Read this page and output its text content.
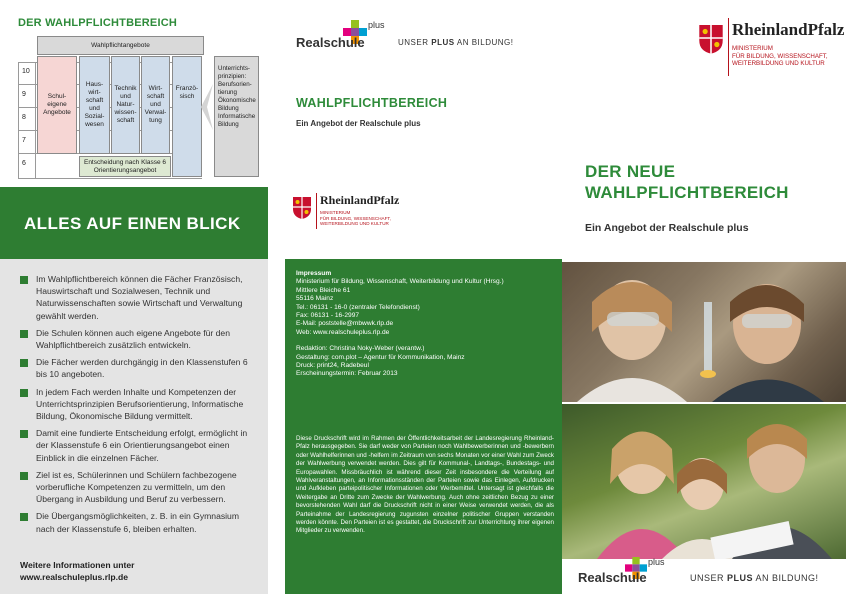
DER WAHLPFLICHTBEREICH
Wahlpflichtangebote
10
9
8
7
6
Schul-
eigene
Angebote
Haus-
wirt-
schaft
und
Sozial-
wesen
Technik
und
Natur-
wissen-
schaft
Wirt-
schaft
und
Verwal-
tung
Franzö-
sisch
Entscheidung nach Klasse 6
Orientierungsangebot
Unterrichts-
prinzipien:
Berufsorien-
tierung
Ökonomische
Bildung
Informatische
Bildung
ALLES AUF EINEN BLICK
Im Wahlpflichtbereich können die Fächer Französisch, Hauswirtschaft und Sozialwesen, Technik und Naturwissenschaften sowie Wirtschaft und Verwaltung gewählt werden.
Die Schulen können auch eigene Angebote für den Wahlpflichtbereich zusätzlich entwickeln.
Die Fächer werden durchgängig in den Klassenstufen 6 bis 10 angeboten.
In jedem Fach werden Inhalte und Kompetenzen der Unterrichtsprinzipien Berufsorientierung, Informatische Bildung, Ökonomische Bildung vermittelt.
Damit eine fundierte Entscheidung erfolgt, ermöglicht in der Klassenstufe 6 ein Orientierungsangebot einen Einblick in die einzelnen Fächer.
Ziel ist es, Schülerinnen und Schülern fachbezogene vorberufliche Kompetenzen zu vermitteln, um den Übergang in Ausbildung und Beruf zu verbessern.
Die Übergangsmöglichkeiten, z. B. in ein Gymnasium nach der Klassenstufe 6, bleiben erhalten.
Weitere Informationen unter
www.realschuleplus.rlp.de
plus
Realschule	UNSER PLUS AN BILDUNG!
WAHLPFLICHTBEREICH
Ein Angebot der Realschule plus
RheinlandPfalz
MINISTERIUM
FÜR BILDUNG, WISSENSCHAFT,
WEITERBILDUNG UND KULTUR

Impressum

Ministerium für Bildung, Wissenschaft, Weiterbildung und Kultur (Hrsg.)

Mittlere Bleiche 61

55116 Mainz

Tel.: 06131 - 16-0 (zentraler Telefondienst)

Fax: 06131 - 16-2997

E-Mail: poststelle@mbwwk.rlp.de

Web: www.realschuleplus.rlp.de

Redaktion: Christina Noky-Weber (verantw.)

Gestaltung: com.plot – Agentur für Kommunikation, Mainz

Druck: print24, Radebeul

Erscheinungstermin: Februar 2013

Diese Druckschrift wird im Rahmen der Öffentlichkeitsarbeit der Landesregierung Rheinland-Pfalz herausgegeben. Sie darf weder von Parteien noch Wahlbewerberinnen und -bewerbern oder Wahlhelferinnen und -helfern im Zeitraum von sechs Monaten vor einer Wahl zum Zweck der Wahlwerbung verwendet werden. Dies gilt für Kommunal-, Landtags-, Bundestags- und Europawahlen. Missbräuchlich ist während dieser Zeit insbesondere die Verteilung auf Wahlveranstaltungen, an Informationsständen der Parteien sowie das Einlegen, Aufdrucken und Aufkleben parteipolitischer Informationen oder Werbemittel. Untersagt ist gleichfalls die Weitergabe an Dritte zum Zwecke der Wahlwerbung. Auch ohne zeitlichen Bezug zu einer bevorstehenden Wahl darf die Druckschrift nicht in einer Weise verwendet werden, die als Parteinahme der Landesregierung zugunsten einzelner politischer Gruppen verstanden werden könnte. Den Parteien ist es gestattet, die Druckschrift zur Unterrichtung ihrer eigenen Mitglieder zu verwenden.

RheinlandPfalz
MINISTERIUM
FÜR BILDUNG, WISSENSCHAFT,
WEITERBILDUNG UND KULTUR
DER NEUE
WAHLPFLICHTBEREICH
Ein Angebot der Realschule plus
plus
Realschule	UNSER PLUS AN BILDUNG!
